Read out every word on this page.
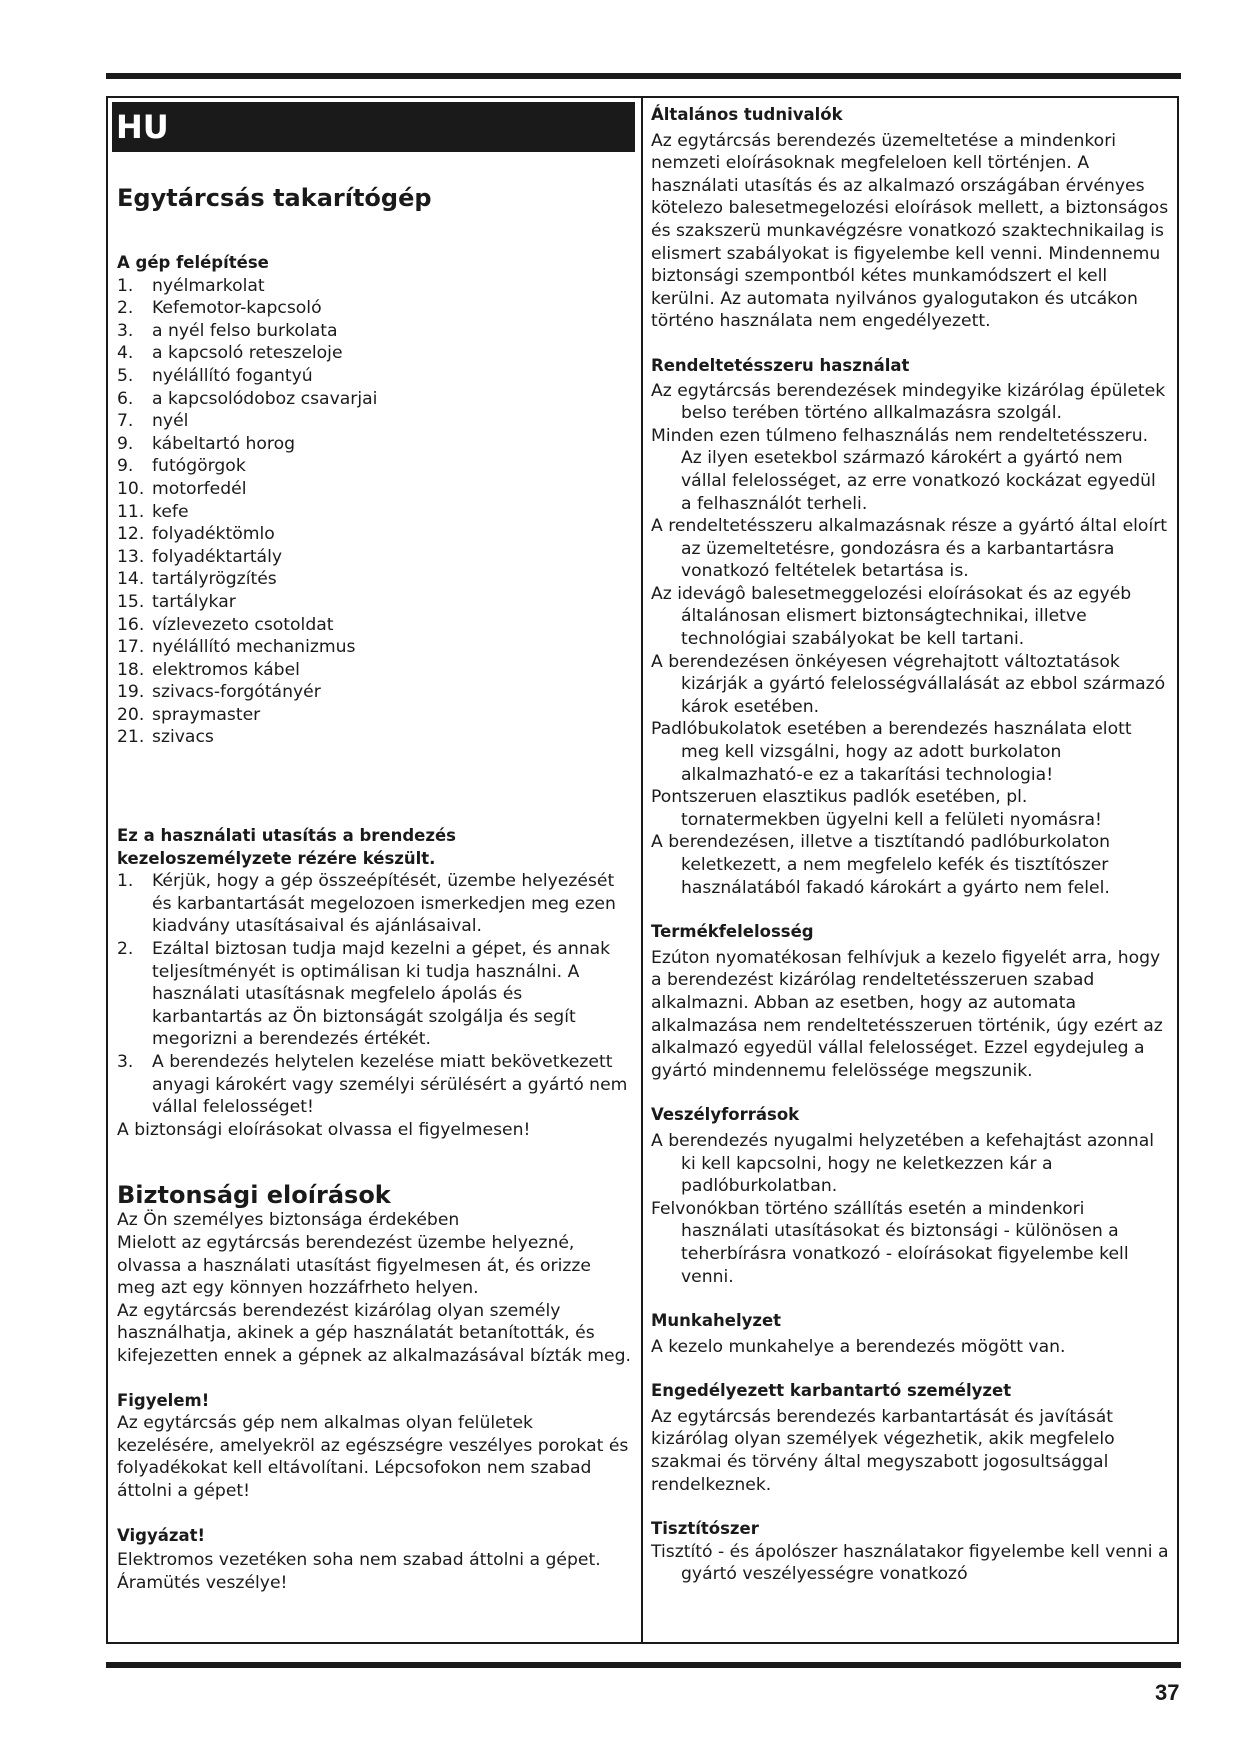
HU
Egytárcsás takarítógép
A gép felépítése
1.	nyélmarkolat
2.	Kefemotor-kapcsoló
3.	a nyél felso burkolata
4.	a kapcsoló reteszeloje
5.	nyélállító fogantyú
6.	a kapcsolódoboz csavarjai
7.	nyél
9.	kábeltartó horog
9.	futógörgok
10. motorfedél
11. kefe
12. folyadéktömlo
13. folyadéktartály
14. tartályrögzítés
15. tartálykar
16. vízlevezeto csotoldat
17. nyélállító mechanizmus
18. elektromos kábel
19. szivacs-forgótányér
20. spraymaster
21. szivacs
Ez a használati utasítás a brendezés
kezeloszemélyzete rézére készült.
1.	Kérjük, hogy a gép összeépítését, üzembe helyezését és karbantartását megelozoen ismerkedjen meg ezen kiadvány utasításaival és ajánlásaival.
2.	Ezáltal biztosan tudja majd kezelni a gépet, és annak teljesítményét is optimálisan ki tudja használni. A használati utasításnak megfelelo ápolás és karbantartás az Ön biztonságát szolgálja és segít megorizni a berendezés értékét.
3.	A berendezés helytelen kezelése miatt bekövetkezett anyagi károkért vagy személyi sérülésért a gyártó nem vállal felelosséget!
A biztonsági eloírásokat olvassa el figyelmesen!
Biztonsági eloírások
Az Ön személyes biztonsága érdekében
Mielott az egytárcsás berendezést üzembe helyezné, olvassa a használati utasítást figyelmesen át, és orizze meg azt egy könnyen hozzáfrheto helyen.
Az egytárcsás berendezést kizárólag olyan személy használhatja, akinek a gép használatát betanították, és kifejezetten ennek a gépnek az alkalmazásával bízták meg.
Figyelem!
Az egytárcsás gép nem alkalmas olyan felületek kezelésére, amelyekröl az egészségre veszélyes porokat és folyadékokat kell eltávolítani. Lépcsofokon nem szabad áttolni a gépet!
Vigyázat!
Elektromos vezetéken soha nem szabad áttolni a gépet. Áramütés veszélye!
Általános tudnivalók
Az egytárcsás berendezés üzemeltetése a mindenkori nemzeti eloírásoknak megfeleloen kell történjen. A használati utasítás és az alkalmazó országában érvényes kötelezo balesetmegelozési eloírások mellett, a biztonságos és szakszerü munkavégzésre vonatkozó szaktechnikailag is elismert szabályokat is figyelembe kell venni. Mindennemu biztonsági szempontból kétes munkamódszert el kell kerülni. Az automata nyilvános gyalogutakon és utcákon történo használata nem engedélyezett.
Rendeltetésszeru használat
Az egytárcsás berendezések mindegyike kizárólag épületek belso terében történo allkalmazásra szolgál.
Minden ezen túlmeno felhasználás nem rendeltetésszeru. Az ilyen esetekbol származó károkért a gyártó nem vállal felelosséget, az erre vonatkozó kockázat egyedül a felhasználót terheli.
A rendeltetésszeru alkalmazásnak része a gyártó által eloírt az üzemeltetésre, gondozásra és a karbantartásra vonatkozó feltételek betartása is.
Az idevágô balesetmeggelozési eloírásokat és az egyéb általánosan elismert biztonságtechnikai, illetve technológiai szabályokat be kell tartani.
A berendezésen önkéyesen végrehajtott változtatások kizárják a gyártó felelosségvállalását az ebbol származó károk esetében.
Padlóbukolatok esetében a berendezés használata elott meg kell vizsgálni, hogy az adott burkolaton alkalmazható-e ez a takarítási technologia!
Pontszeruen elasztikus padlók esetében, pl. tornatermekben ügyelni kell a felületi nyomásra!
A berendezésen, illetve a tisztítandó padlóburkolaton keletkezett, a nem megfelelo kefék és tisztítószer használatából fakadó károkárt a gyárto nem felel.
Termékfelelosség
Ezúton nyomatékosan felhívjuk a kezelo figyelét arra, hogy a berendezést kizárólag rendeltetésszeruen szabad alkalmazni. Abban az esetben, hogy az automata alkalmazása nem rendeltetésszeruen történik, úgy ezért az alkalmazó egyedül vállal felelosséget. Ezzel egydejuleg a gyártó mindennemu felelössége megszunik.
Veszélyforrások
A berendezés nyugalmi helyzetében a kefehajtást azonnal ki kell kapcsolni, hogy ne keletkezzen kár a padlóburkolatban.
Felvonókban történo szállítás esetén a mindenkori használati utasításokat és biztonsági - különösen a teherbírásra vonatkozó - eloírásokat figyelembe kell venni.
Munkahelyzet
A kezelo munkahelye a berendezés mögött van.
Engedélyezett karbantartó személyzet
Az egytárcsás berendezés karbantartását és javítását kizárólag olyan személyek végezhetik, akik megfelelo szakmai és törvény által megyszabott jogosultsággal rendelkeznek.
Tisztítószer
Tisztító - és ápolószer használatakor figyelembe kell venni a gyártó veszélyességre vonatkozó
37
